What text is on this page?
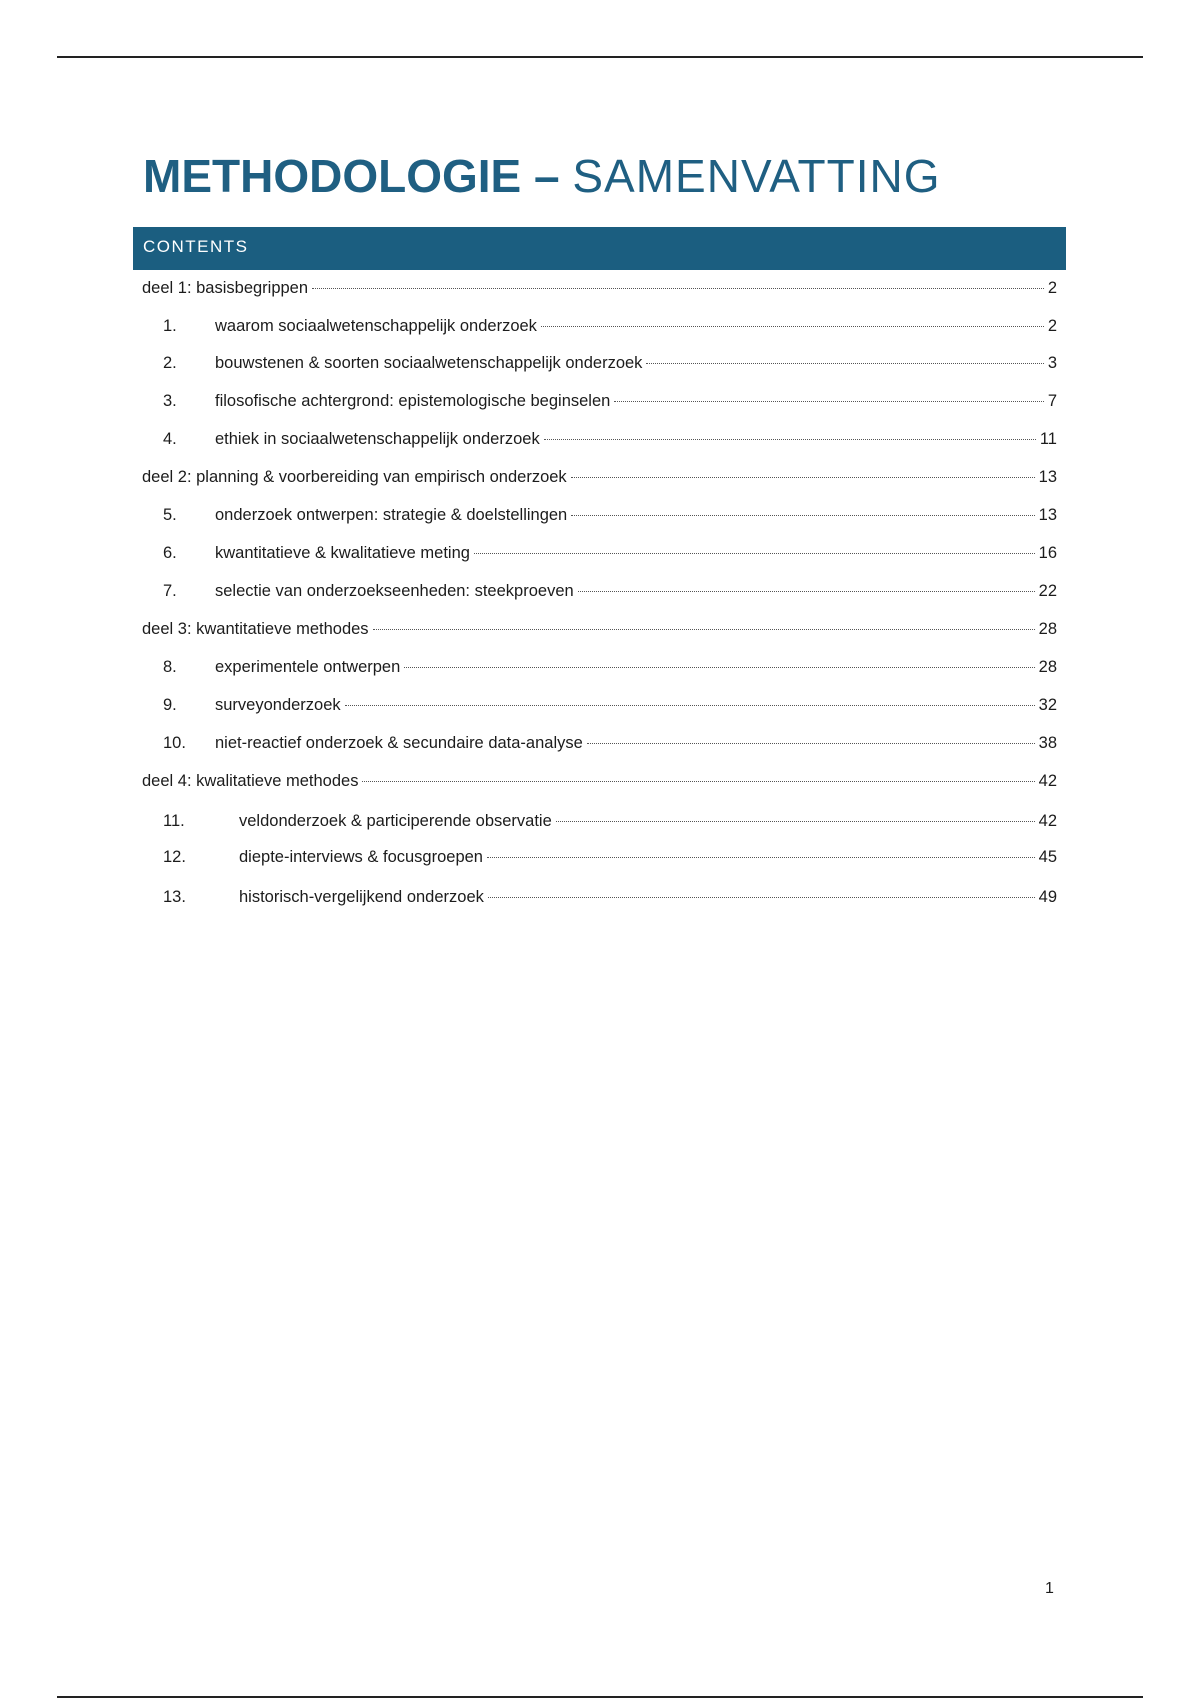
METHODOLOGIE – SAMENVATTING
CONTENTS
deel 1: basisbegrippen	2
1.	waarom sociaalwetenschappelijk onderzoek	2
2.	bouwstenen & soorten sociaalwetenschappelijk onderzoek	3
3.	filosofische achtergrond: epistemologische beginselen	7
4.	ethiek in sociaalwetenschappelijk onderzoek	11
deel 2: planning & voorbereiding van empirisch onderzoek	13
5.	onderzoek ontwerpen: strategie & doelstellingen	13
6.	kwantitatieve & kwalitatieve meting	16
7.	selectie van onderzoekseenheden: steekproeven	22
deel 3: kwantitatieve methodes	28
8.	experimentele ontwerpen	28
9.	surveyonderzoek	32
10.	niet-reactief onderzoek & secundaire data-analyse	38
deel 4: kwalitatieve methodes	42
11.	veldonderzoek & participerende observatie	42
12.	diepte-interviews & focusgroepen	45
13.	historisch-vergelijkend onderzoek	49
1
